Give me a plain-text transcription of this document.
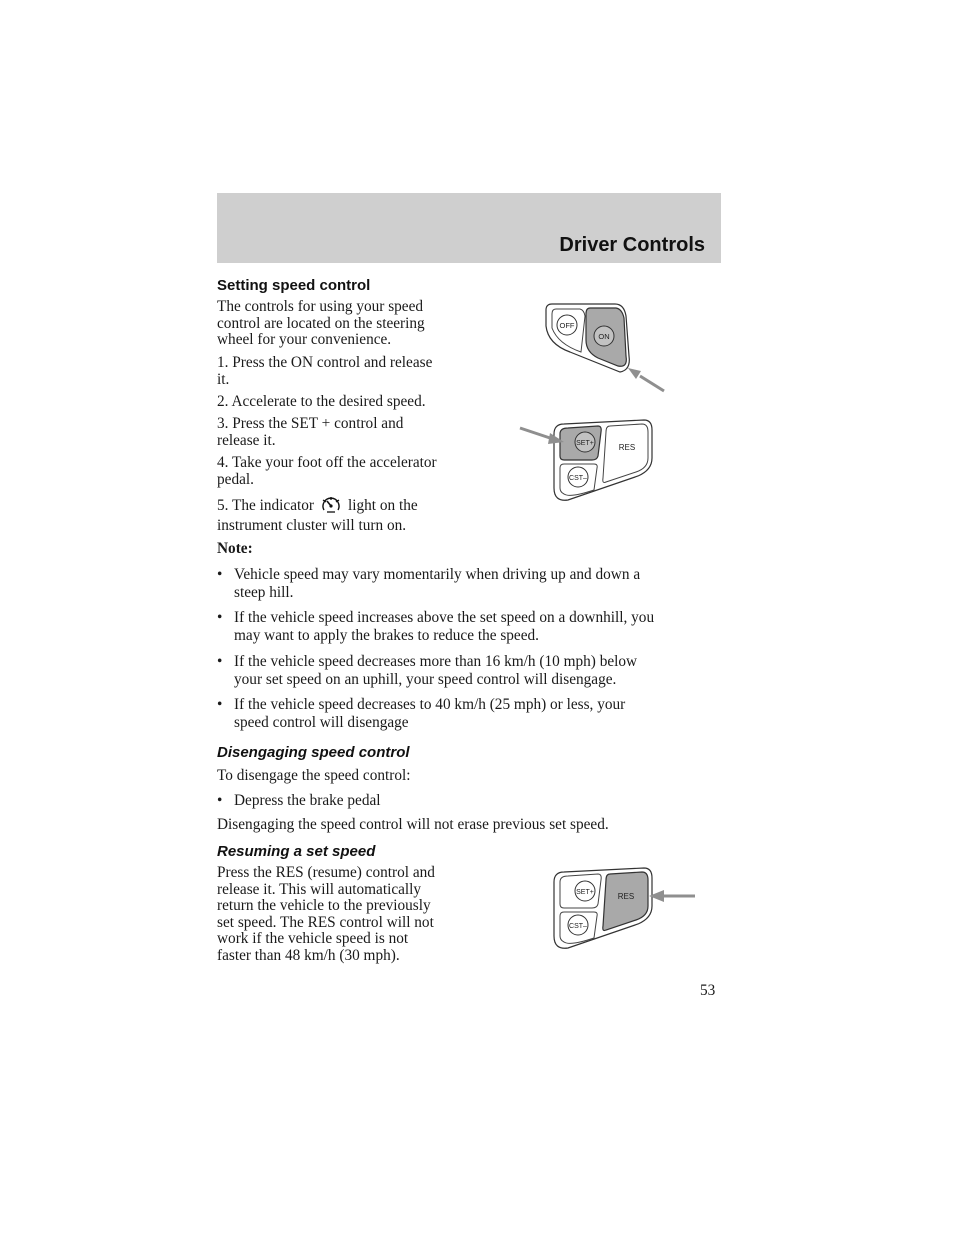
Driver Controls
Setting speed control
The controls for using your speed
control are located on the steering
wheel for your convenience.
1. Press the ON control and release
it.
2. Accelerate to the desired speed.
3. Press the SET + control and
release it.
4. Take your foot off the accelerator
pedal.
5. The indicator light on the
instrument cluster will turn on.
OFF
ON
SET+
CST–
RES
Note:
• Vehicle speed may vary momentarily when driving up and down a
steep hill.
• If the vehicle speed increases above the set speed on a downhill, you
may want to apply the brakes to reduce the speed.
• If the vehicle speed decreases more than 16 km/h (10 mph) below
your set speed on an uphill, your speed control will disengage.
• If the vehicle speed decreases to 40 km/h (25 mph) or less, your
speed control will disengage
Disengaging speed control
To disengage the speed control:
• Depress the brake pedal
Disengaging the speed control will not erase previous set speed.
Resuming a set speed
Press the RES (resume) control and
release it. This will automatically
return the vehicle to the previously
set speed. The RES control will not
work if the vehicle speed is not
faster than 48 km/h (30 mph).
SET+
CST–
RES
53
